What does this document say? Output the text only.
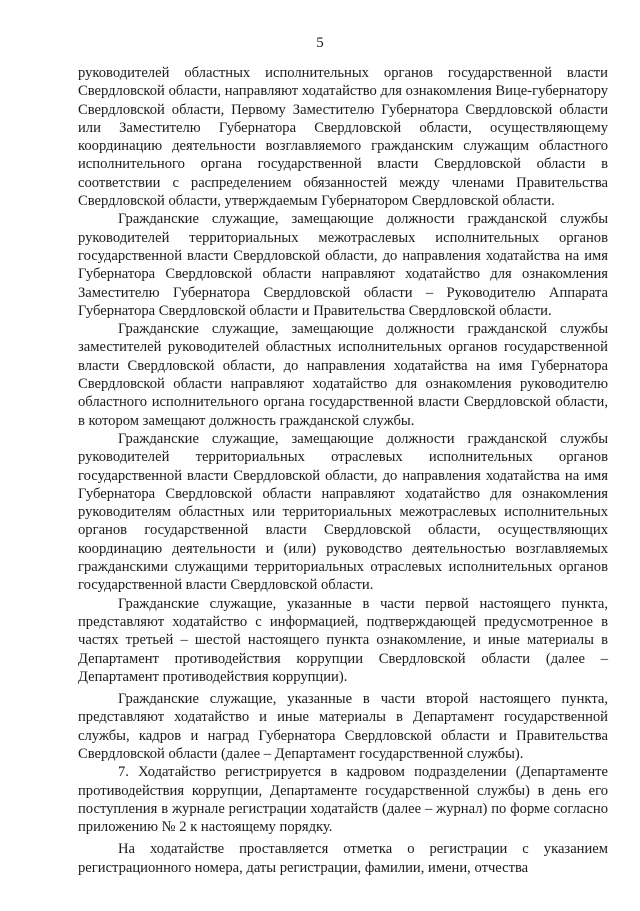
5

руководителей областных исполнительных органов государственной власти Свердловской области, направляют ходатайство для ознакомления Вице-губернатору Свердловской области, Первому Заместителю Губернатора Свердловской области или Заместителю Губернатора Свердловской области, осуществляющему координацию деятельности возглавляемого гражданским служащим областного исполнительного органа государственной власти Свердловской области в соответствии с распределением обязанностей между членами Правительства Свердловской области, утверждаемым Губернатором Свердловской области.

Гражданские служащие, замещающие должности гражданской службы руководителей территориальных межотраслевых исполнительных органов государственной власти Свердловской области, до направления ходатайства на имя Губернатора Свердловской области направляют ходатайство для ознакомления Заместителю Губернатора Свердловской области – Руководителю Аппарата Губернатора Свердловской области и Правительства Свердловской области.

Гражданские служащие, замещающие должности гражданской службы заместителей руководителей областных исполнительных органов государственной власти Свердловской области, до направления ходатайства на имя Губернатора Свердловской области направляют ходатайство для ознакомления руководителю областного исполнительного органа государственной власти Свердловской области, в котором замещают должность гражданской службы.

Гражданские служащие, замещающие должности гражданской службы руководителей территориальных отраслевых исполнительных органов государственной власти Свердловской области, до направления ходатайства на имя Губернатора Свердловской области направляют ходатайство для ознакомления руководителям областных или территориальных межотраслевых исполнительных органов государственной власти Свердловской области, осуществляющих координацию деятельности и (или) руководство деятельностью возглавляемых гражданскими служащими территориальных отраслевых исполнительных органов государственной власти Свердловской области.

Гражданские служащие, указанные в части первой настоящего пункта, представляют ходатайство с информацией, подтверждающей предусмотренное в частях третьей – шестой настоящего пункта ознакомление, и иные материалы в Департамент противодействия коррупции Свердловской области (далее – Департамент противодействия коррупции).

Гражданские служащие, указанные в части второй настоящего пункта, представляют ходатайство и иные материалы в Департамент государственной службы, кадров и наград Губернатора Свердловской области и Правительства Свердловской области (далее – Департамент государственной службы).

7. Ходатайство регистрируется в кадровом подразделении (Департаменте противодействия коррупции, Департаменте государственной службы) в день его поступления в журнале регистрации ходатайств (далее – журнал) по форме согласно приложению № 2 к настоящему порядку.

На ходатайстве проставляется отметка о регистрации с указанием регистрационного номера, даты регистрации, фамилии, имени, отчества
